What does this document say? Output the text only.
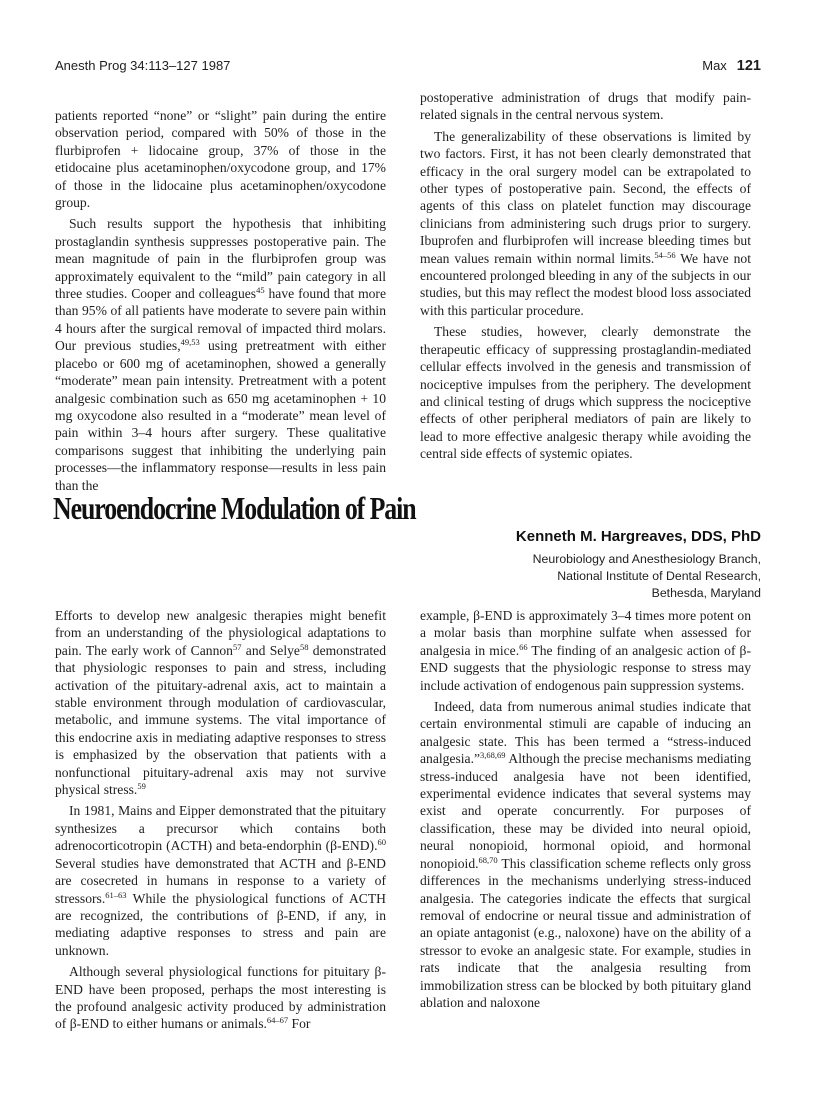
Anesth Prog 34:113–127 1987	Max 121

patients reported “none” or “slight” pain during the entire observation period, compared with 50% of those in the flurbiprofen + lidocaine group, 37% of those in the etidocaine plus acetaminophen/oxycodone group, and 17% of those in the lidocaine plus acetaminophen/oxycodone group.

Such results support the hypothesis that inhibiting prostaglandin synthesis suppresses postoperative pain. The mean magnitude of pain in the flurbiprofen group was approximately equivalent to the “mild” pain category in all three studies. Cooper and colleagues$^{45}$ have found that more than 95% of all patients have moderate to severe pain within 4 hours after the surgical removal of impacted third molars. Our previous studies,$^{49,53}$ using pretreatment with either placebo or 600 mg of acetaminophen, showed a generally “moderate” mean pain intensity. Pretreatment with a potent analgesic combination such as 650 mg acetaminophen + 10 mg oxycodone also resulted in a “moderate” mean level of pain within 3–4 hours after surgery. These qualitative comparisons suggest that inhibiting the underlying pain processes—the inflammatory response—results in less pain than the

postoperative administration of drugs that modify pain-related signals in the central nervous system.

The generalizability of these observations is limited by two factors. First, it has not been clearly demonstrated that efficacy in the oral surgery model can be extrapolated to other types of postoperative pain. Second, the effects of agents of this class on platelet function may discourage clinicians from administering such drugs prior to surgery. Ibuprofen and flurbiprofen will increase bleeding times but mean values remain within normal limits.$^{54-56}$ We have not encountered prolonged bleeding in any of the subjects in our studies, but this may reflect the modest blood loss associated with this particular procedure.

These studies, however, clearly demonstrate the therapeutic efficacy of suppressing prostaglandin-mediated cellular effects involved in the genesis and transmission of nociceptive impulses from the periphery. The development and clinical testing of drugs which suppress the nociceptive effects of other peripheral mediators of pain are likely to lead to more effective analgesic therapy while avoiding the central side effects of systemic opiates.

Neuroendocrine Modulation of Pain
Kenneth M. Hargreaves, DDS, PhD
Neurobiology and Anesthesiology Branch,
National Institute of Dental Research,
Bethesda, Maryland

Efforts to develop new analgesic therapies might benefit from an understanding of the physiological adaptations to pain. The early work of Cannon$^{57}$ and Selye$^{58}$ demonstrated that physiologic responses to pain and stress, including activation of the pituitary-adrenal axis, act to maintain a stable environment through modulation of cardiovascular, metabolic, and immune systems. The vital importance of this endocrine axis in mediating adaptive responses to stress is emphasized by the observation that patients with a nonfunctional pituitary-adrenal axis may not survive physical stress.$^{59}$

In 1981, Mains and Eipper demonstrated that the pituitary synthesizes a precursor which contains both adrenocorticotropin (ACTH) and beta-endorphin (β-END).$^{60}$ Several studies have demonstrated that ACTH and β-END are cosecreted in humans in response to a variety of stressors.$^{61-63}$ While the physiological functions of ACTH are recognized, the contributions of β-END, if any, in mediating adaptive responses to stress and pain are unknown.

Although several physiological functions for pituitary β-END have been proposed, perhaps the most interesting is the profound analgesic activity produced by administration of β-END to either humans or animals.$^{64-67}$ For

example, β-END is approximately 3–4 times more potent on a molar basis than morphine sulfate when assessed for analgesia in mice.$^{66}$ The finding of an analgesic action of β-END suggests that the physiologic response to stress may include activation of endogenous pain suppression systems.

Indeed, data from numerous animal studies indicate that certain environmental stimuli are capable of inducing an analgesic state. This has been termed a “stress-induced analgesia.”$^{3,68,69}$ Although the precise mechanisms mediating stress-induced analgesia have not been identified, experimental evidence indicates that several systems may exist and operate concurrently. For purposes of classification, these may be divided into neural opioid, neural nonopioid, hormonal opioid, and hormonal nonopioid.$^{68,70}$ This classification scheme reflects only gross differences in the mechanisms underlying stress-induced analgesia. The categories indicate the effects that surgical removal of endocrine or neural tissue and administration of an opiate antagonist (e.g., naloxone) have on the ability of a stressor to evoke an analgesic state. For example, studies in rats indicate that the analgesia resulting from immobilization stress can be blocked by both pituitary gland ablation and naloxone
